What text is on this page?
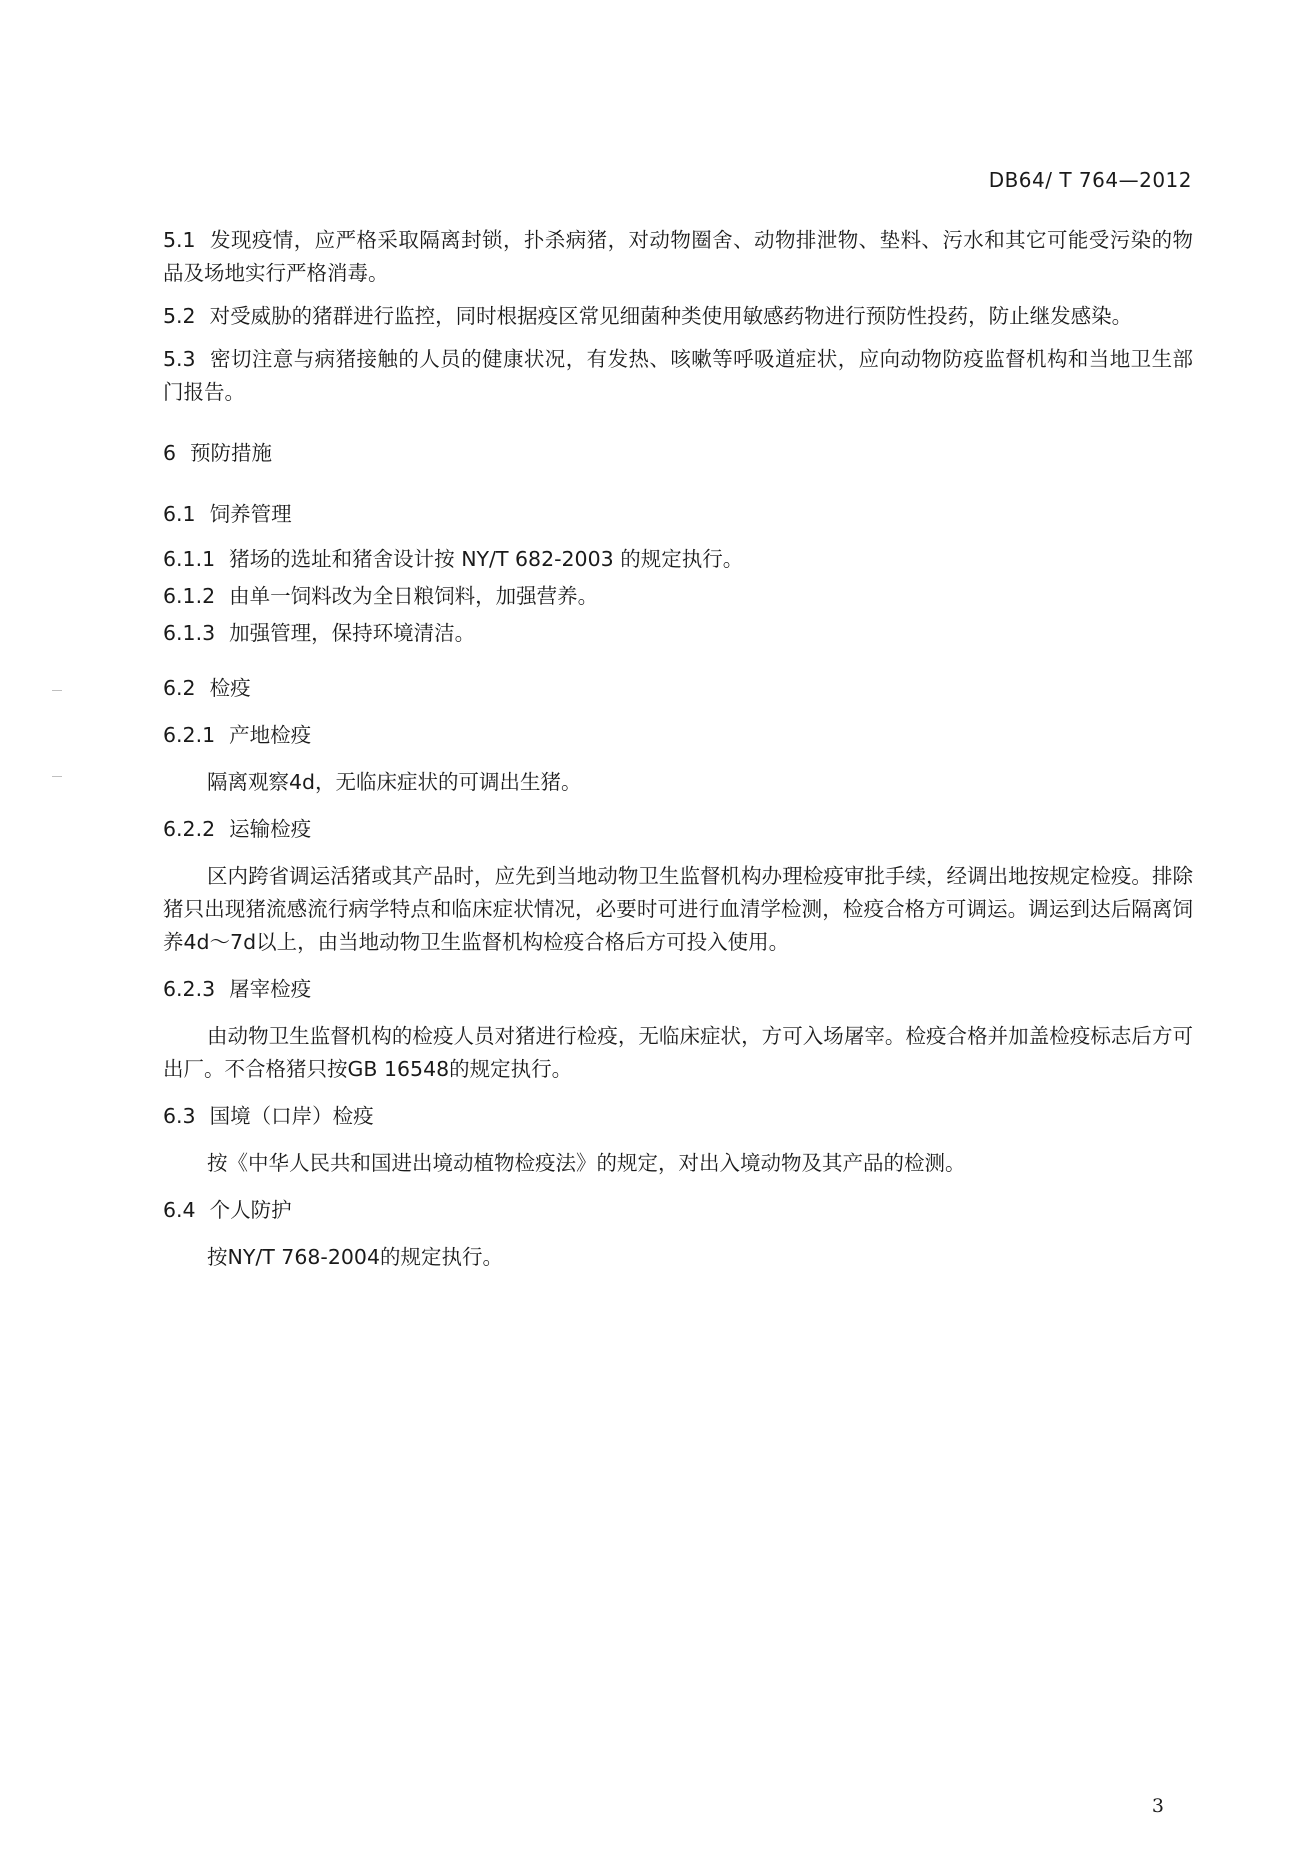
DB64/ T 764—2012

5.1 发现疫情，应严格采取隔离封锁，扑杀病猪，对动物圈舍、动物排泄物、垫料、污水和其它可能受污染的物品及场地实行严格消毒。

5.2 对受威胁的猪群进行监控，同时根据疫区常见细菌种类使用敏感药物进行预防性投药，防止继发感染。

5.3 密切注意与病猪接触的人员的健康状况，有发热、咳嗽等呼吸道症状，应向动物防疫监督机构和当地卫生部门报告。

6 预防措施
6.1 饲养管理
6.1.1 猪场的选址和猪舍设计按 NY/T 682-2003 的规定执行。
6.1.2 由单一饲料改为全日粮饲料，加强营养。
6.1.3 加强管理，保持环境清洁。
6.2 检疫
6.2.1 产地检疫

隔离观察4d，无临床症状的可调出生猪。

6.2.2 运输检疫

区内跨省调运活猪或其产品时，应先到当地动物卫生监督机构办理检疫审批手续，经调出地按规定检疫。排除猪只出现猪流感流行病学特点和临床症状情况，必要时可进行血清学检测，检疫合格方可调运。调运到达后隔离饲养4d～7d以上，由当地动物卫生监督机构检疫合格后方可投入使用。

6.2.3 屠宰检疫

由动物卫生监督机构的检疫人员对猪进行检疫，无临床症状，方可入场屠宰。检疫合格并加盖检疫标志后方可出厂。不合格猪只按GB 16548的规定执行。

6.3 国境（口岸）检疫

按《中华人民共和国进出境动植物检疫法》的规定，对出入境动物及其产品的检测。

6.4 个人防护

按NY/T 768-2004的规定执行。

3
